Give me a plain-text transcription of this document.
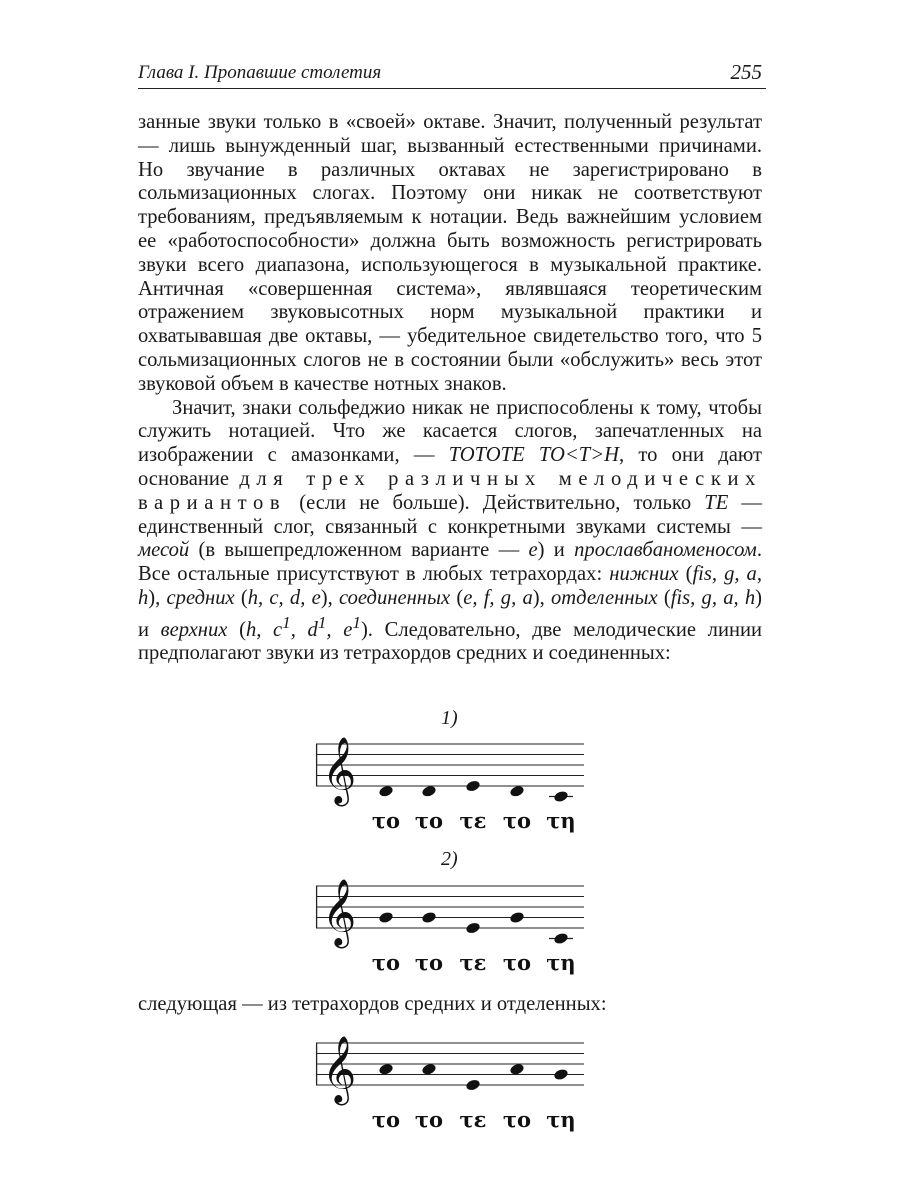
Глава I. Пропавшие столетия	255

занные звуки только в «своей» октаве. Значит, полученный результат — лишь вынужденный шаг, вызванный естественными причинами. Но звучание в различных октавах не зарегистрировано в сольмизационных слогах. Поэтому они никак не соответствуют требованиям, предъявляемым к нотации. Ведь важнейшим условием ее «работоспособности» должна быть возможность регистрировать звуки всего диапазона, использующегося в музыкальной практике. Античная «совершенная система», являвшаяся теоретическим отражением звуковысотных норм музыкальной практики и охватывавшая две октавы, — убедительное свидетельство того, что 5 сольмизационных слогов не в состоянии были «обслужить» весь этот звуковой объем в качестве нотных знаков.

Значит, знаки сольфеджио никак не приспособлены к тому, чтобы служить нотацией. Что же касается слогов, запечатленных на изображении с амазонками, — TOTOTE TO<T>H, то они дают основание для трех различных мелодических вариантов (если не больше). Действительно, только TE — единственный слог, связанный с конкретными звуками системы — месой (в вышепредложенном варианте — е) и прославбаноменосом. Все остальные присутствуют в любых тетрахордах: нижних (fis, g, a, h), средних (h, c, d, e), соединенных (e, f, g, a), отделенных (fis, g, a, h) и верхних (h, $c^1$, $d^1$, $e^1$). Следовательно, две мелодические линии предполагают звуки из тетрахордов средних и соединенных:

1)
𝄞
το το τε το τη
2)
𝄞
το το τε το τη
следующая — из тетрахордов средних и отделенных:
𝄞
το το τε το τη
